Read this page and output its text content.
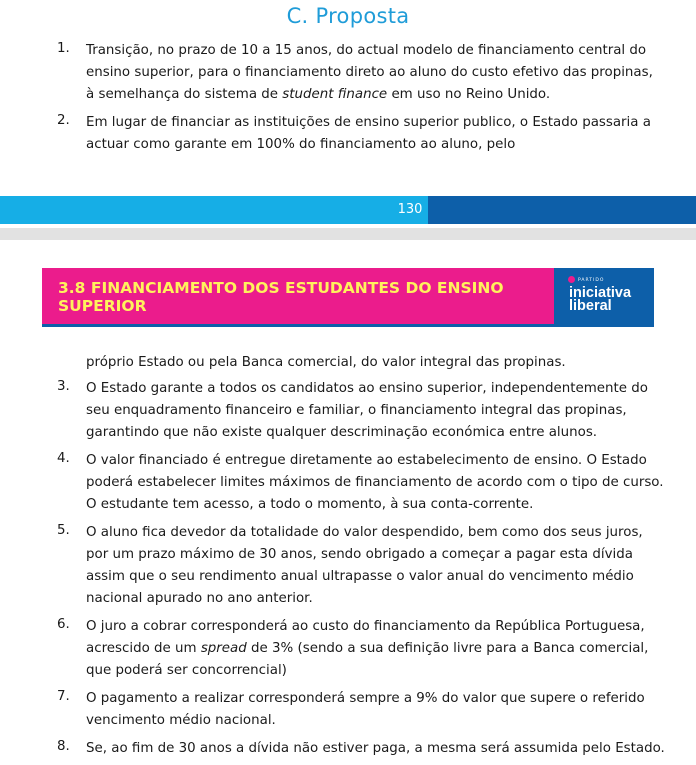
C. Proposta
1. Transição, no prazo de 10 a 15 anos, do actual modelo de financiamento central do ensino superior, para o financiamento direto ao aluno do custo efetivo das propinas, à semelhança do sistema de student finance em uso no Reino Unido.
2. Em lugar de financiar as instituições de ensino superior publico, o Estado passaria a actuar como garante em 100% do financiamento ao aluno, pelo
130
3.8 FINANCIAMENTO DOS ESTUDANTES DO ENSINO SUPERIOR
PARTIDO
iniciativa
liberal
próprio Estado ou pela Banca comercial, do valor integral das propinas.
3. O Estado garante a todos os candidatos ao ensino superior, independentemente do seu enquadramento financeiro e familiar, o financiamento integral das propinas, garantindo que não existe qualquer descriminação económica entre alunos.
4. O valor financiado é entregue diretamente ao estabelecimento de ensino. O Estado poderá estabelecer limites máximos de financiamento de acordo com o tipo de curso. O estudante tem acesso, a todo o momento, à sua conta-corrente.
5. O aluno fica devedor da totalidade do valor despendido, bem como dos seus juros, por um prazo máximo de 30 anos, sendo obrigado a começar a pagar esta dívida assim que o seu rendimento anual ultrapasse o valor anual do vencimento médio nacional apurado no ano anterior.
6. O juro a cobrar corresponderá ao custo do financiamento da República Portuguesa, acrescido de um spread de 3% (sendo a sua definição livre para a Banca comercial, que poderá ser concorrencial)
7. O pagamento a realizar corresponderá sempre a 9% do valor que supere o referido vencimento médio nacional.
8. Se, ao fim de 30 anos a dívida não estiver paga, a mesma será assumida pelo Estado.
